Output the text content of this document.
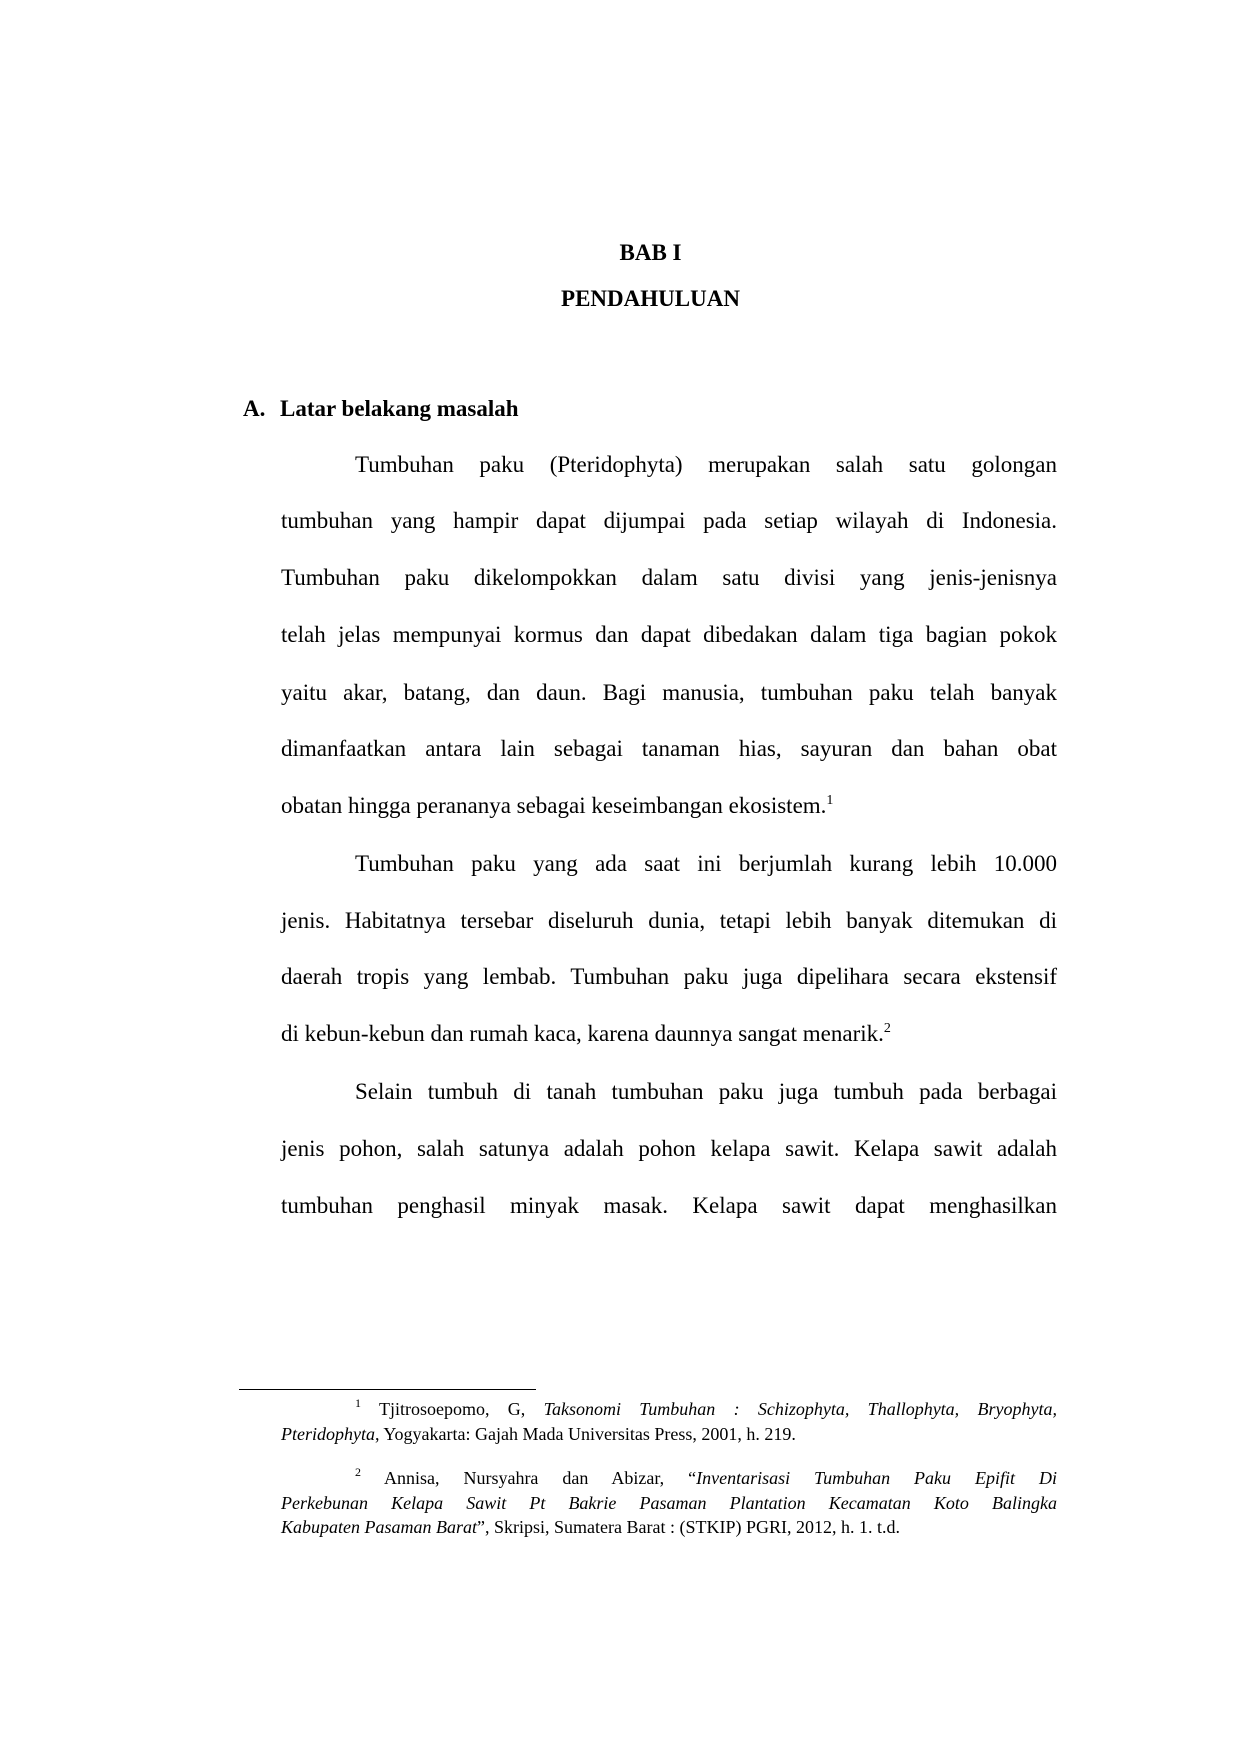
BAB I
PENDAHULUAN
A. Latar belakang masalah
Tumbuhan paku (Pteridophyta) merupakan salah satu golongan
tumbuhan yang hampir dapat dijumpai pada setiap wilayah di Indonesia.
Tumbuhan paku dikelompokkan dalam satu divisi yang jenis-jenisnya
telah jelas mempunyai kormus dan dapat dibedakan dalam tiga bagian pokok
yaitu akar, batang, dan daun. Bagi manusia, tumbuhan paku telah banyak
dimanfaatkan antara lain sebagai tanaman hias, sayuran dan bahan obat
obatan hingga perananya sebagai keseimbangan ekosistem.$^1$
Tumbuhan paku yang ada saat ini berjumlah kurang lebih 10.000
jenis. Habitatnya tersebar diseluruh dunia, tetapi lebih banyak ditemukan di
daerah tropis yang lembab. Tumbuhan paku juga dipelihara secara ekstensif
di kebun-kebun dan rumah kaca, karena daunnya sangat menarik.$^2$
Selain tumbuh di tanah tumbuhan paku juga tumbuh pada berbagai
jenis pohon, salah satunya adalah pohon kelapa sawit. Kelapa sawit adalah
tumbuhan penghasil minyak masak. Kelapa sawit dapat menghasilkan
$^1$ Tjitrosoepomo, G, Taksonomi Tumbuhan : Schizophyta, Thallophyta, Bryophyta,
Pteridophyta, Yogyakarta: Gajah Mada Universitas Press, 2001, h. 219.
$^2$ Annisa, Nursyahra dan Abizar, “Inventarisasi Tumbuhan Paku Epifit Di
Perkebunan Kelapa Sawit Pt Bakrie Pasaman Plantation Kecamatan Koto Balingka
Kabupaten Pasaman Barat”, Skripsi, Sumatera Barat : (STKIP) PGRI, 2012, h. 1. t.d.
